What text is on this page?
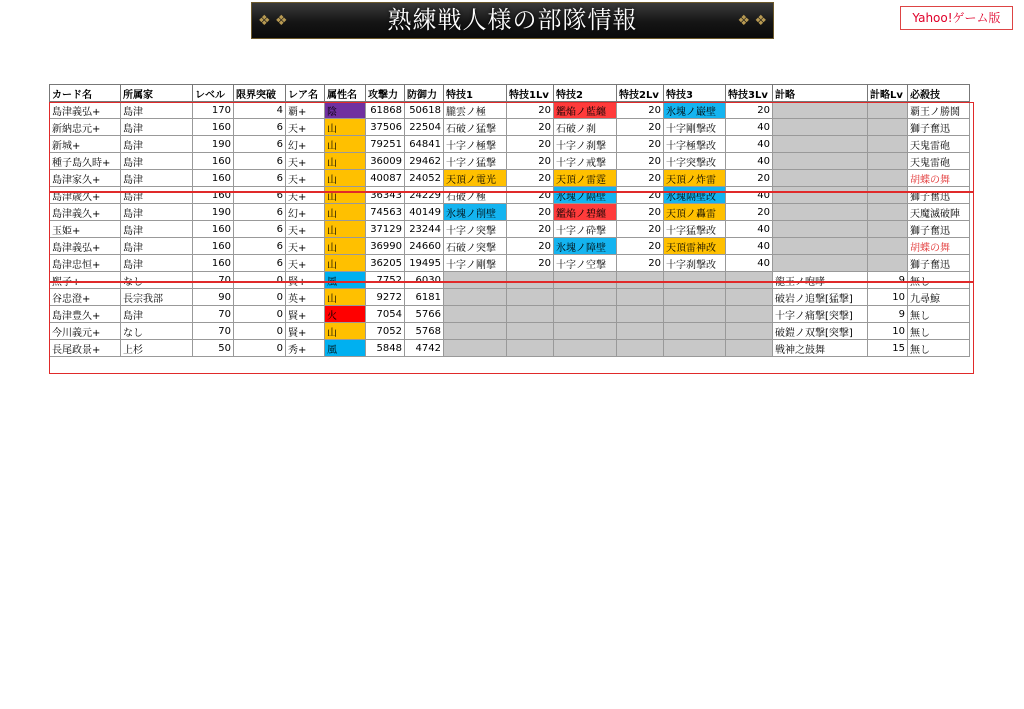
❖ ❖	熟練戦人様の部隊情報	❖ ❖	Yahoo!ゲーム版
カード名	所属家	レベル	限界突破	レア名	属性名	攻撃力	防御力	特技1	特技1Lv	特技2	特技2Lv	特技3	特技3Lv	計略	計略Lv	必殺技
島津義弘+	島津	170	4	覇+	陰	61868	50618	朧雲ノ極	20	鑑焔ノ藍纏	20	氷塊ノ巌壁	20			覇王ノ勝鬨
新納忠元+	島津	160	6	天+	山	37506	22504	石破ノ猛撃	20	石破ノ刹	20	十字剛撃改	40			獅子奮迅
新城+	島津	190	6	幻+	山	79251	64841	十字ノ極撃	20	十字ノ刹撃	20	十字極撃改	40			天鬼雷砲
種子島久時+	島津	160	6	天+	山	36009	29462	十字ノ猛撃	20	十字ノ戒撃	20	十字突撃改	40			天鬼雷砲
島津家久+	島津	160	6	天+	山	40087	24052	天頂ノ電光	20	天頂ノ雷霆	20	天頂ノ炸雷	20			胡蝶の舞
島津歳久+	島津	160	6	天+	山	36343	24229	石破ノ極	20	氷塊ノ隔壁	20	氷塊隔壁改	40			獅子奮迅
島津義久+	島津	190	6	幻+	山	74563	40149	氷塊ノ削壁	20	鑑焔ノ碧纏	20	天頂ノ轟雷	20			天魔滅破陣
玉姫+	島津	160	6	天+	山	37129	23244	十字ノ突撃	20	十字ノ砕撃	20	十字猛撃改	40			獅子奮迅
島津義弘+	島津	160	6	天+	山	36990	24660	石破ノ突撃	20	氷塊ノ障壁	20	天頂雷神改	40			胡蝶の舞
島津忠恒+	島津	160	6	天+	山	36205	19495	十字ノ剛撃	20	十字ノ空撃	20	十字刹撃改	40			獅子奮迅
熙子+	なし	70	0	賢+	風	7752	6030							龍王ノ咆哮	9	無し
谷忠澄+	長宗我部	90	0	英+	山	9272	6181							破岩ノ追撃[猛撃]	10	九尋鯨
島津豊久+	島津	70	0	賢+	火	7054	5766							十字ノ痛撃[突撃]	9	無し
今川義元+	なし	70	0	賢+	山	7052	5768							破鎧ノ双撃[突撃]	10	無し
長尾政景+	上杉	50	0	秀+	風	5848	4742							戦神之鼓舞	15	無し
